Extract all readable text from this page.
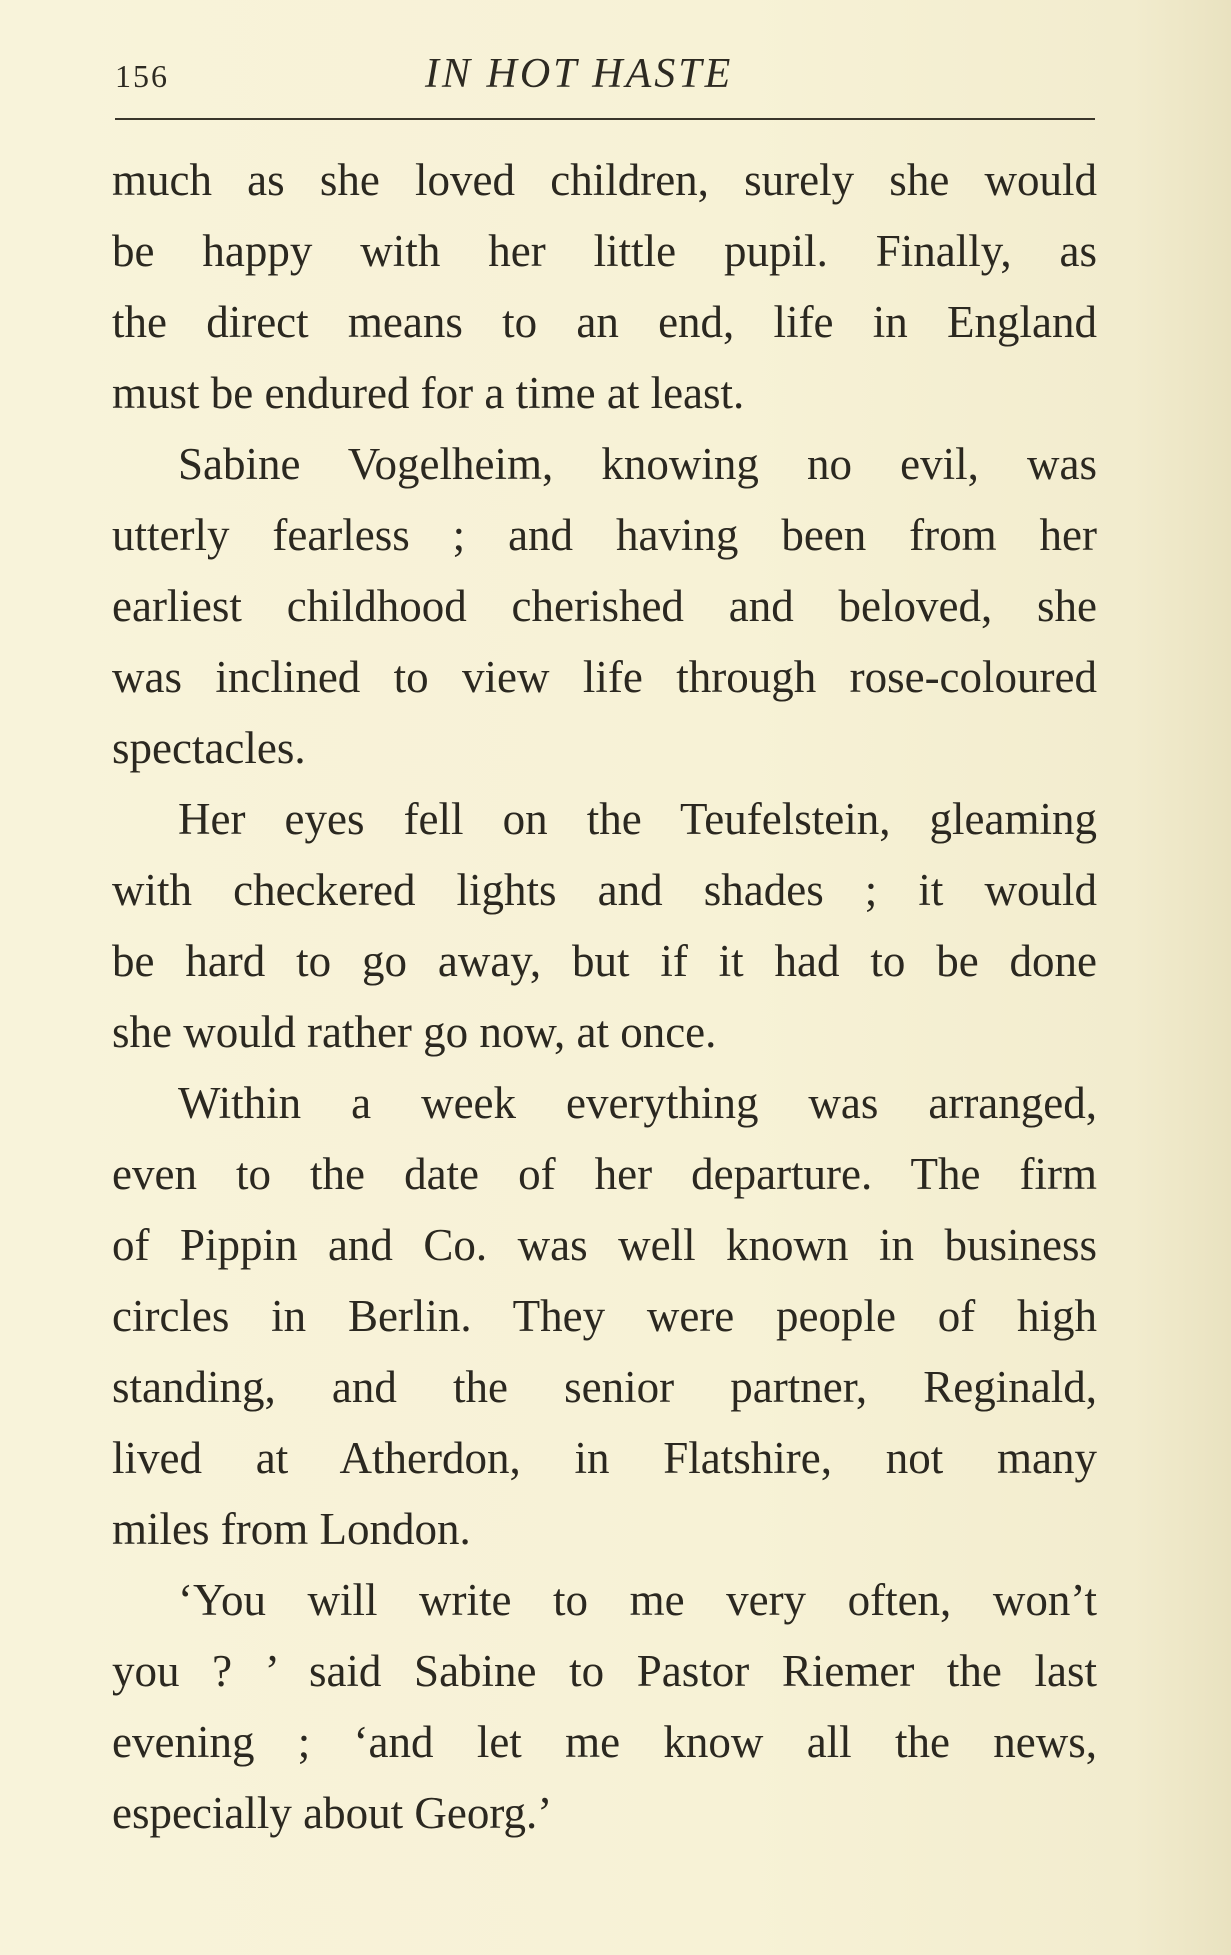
156	IN HOT HASTE
much as she loved children, surely she would
be happy with her little pupil. Finally, as
the direct means to an end, life in England
must be endured for a time at least.
Sabine Vogelheim, knowing no evil, was
utterly fearless ; and having been from her
earliest childhood cherished and beloved, she
was inclined to view life through rose-coloured
spectacles.
Her eyes fell on the Teufelstein, gleaming
with checkered lights and shades ; it would
be hard to go away, but if it had to be done
she would rather go now, at once.
Within a week everything was arranged,
even to the date of her departure. The firm
of Pippin and Co. was well known in business
circles in Berlin. They were people of high
standing, and the senior partner, Reginald,
lived at Atherdon, in Flatshire, not many
miles from London.
‘You will write to me very often, won’t
you ? ’ said Sabine to Pastor Riemer the last
evening ; ‘and let me know all the news,
especially about Georg.’
